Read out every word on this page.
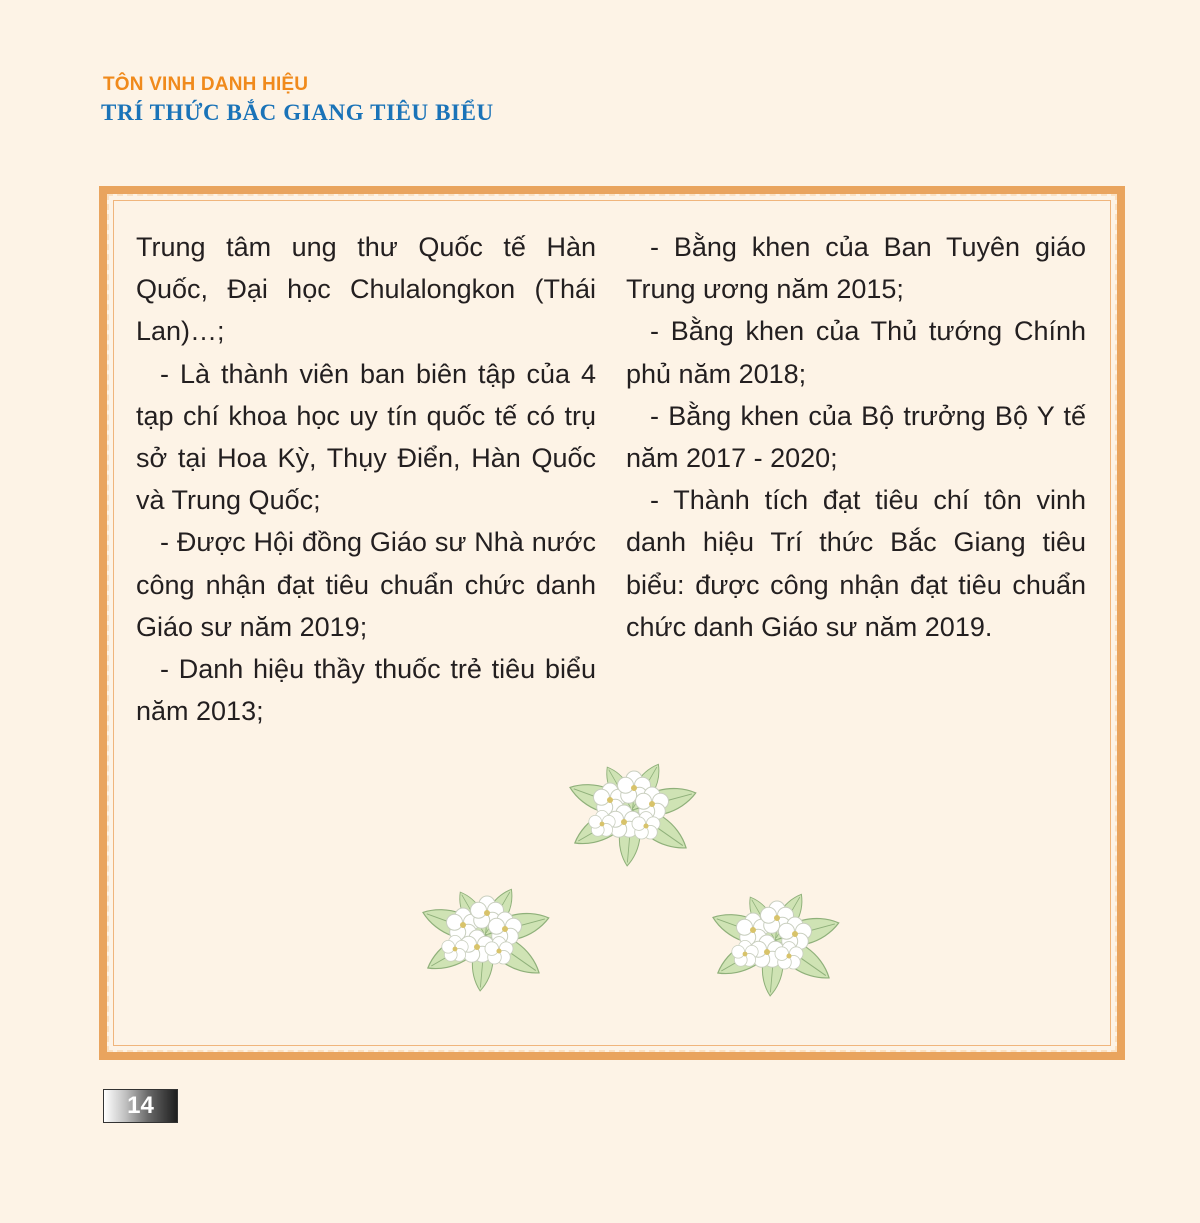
TÔN VINH DANH HIỆU
TRÍ THỨC BẮC GIANG TIÊU BIỂU

Trung tâm ung thư Quốc tế Hàn Quốc, Đại học Chulalongkon (Thái Lan)…;

- Là thành viên ban biên tập của 4 tạp chí khoa học uy tín quốc tế có trụ sở tại Hoa Kỳ, Thụy Điển, Hàn Quốc và Trung Quốc;

- Được Hội đồng Giáo sư Nhà nước công nhận đạt tiêu chuẩn chức danh Giáo sư năm 2019;

- Danh hiệu thầy thuốc trẻ tiêu biểu năm 2013;

- Bằng khen của Ban Tuyên giáo Trung ương năm 2015;

- Bằng khen của Thủ tướng Chính phủ năm 2018;

- Bằng khen của Bộ trưởng Bộ Y tế năm 2017 - 2020;

- Thành tích đạt tiêu chí tôn vinh danh hiệu Trí thức Bắc Giang tiêu biểu: được công nhận đạt tiêu chuẩn chức danh Giáo sư năm 2019.

14
